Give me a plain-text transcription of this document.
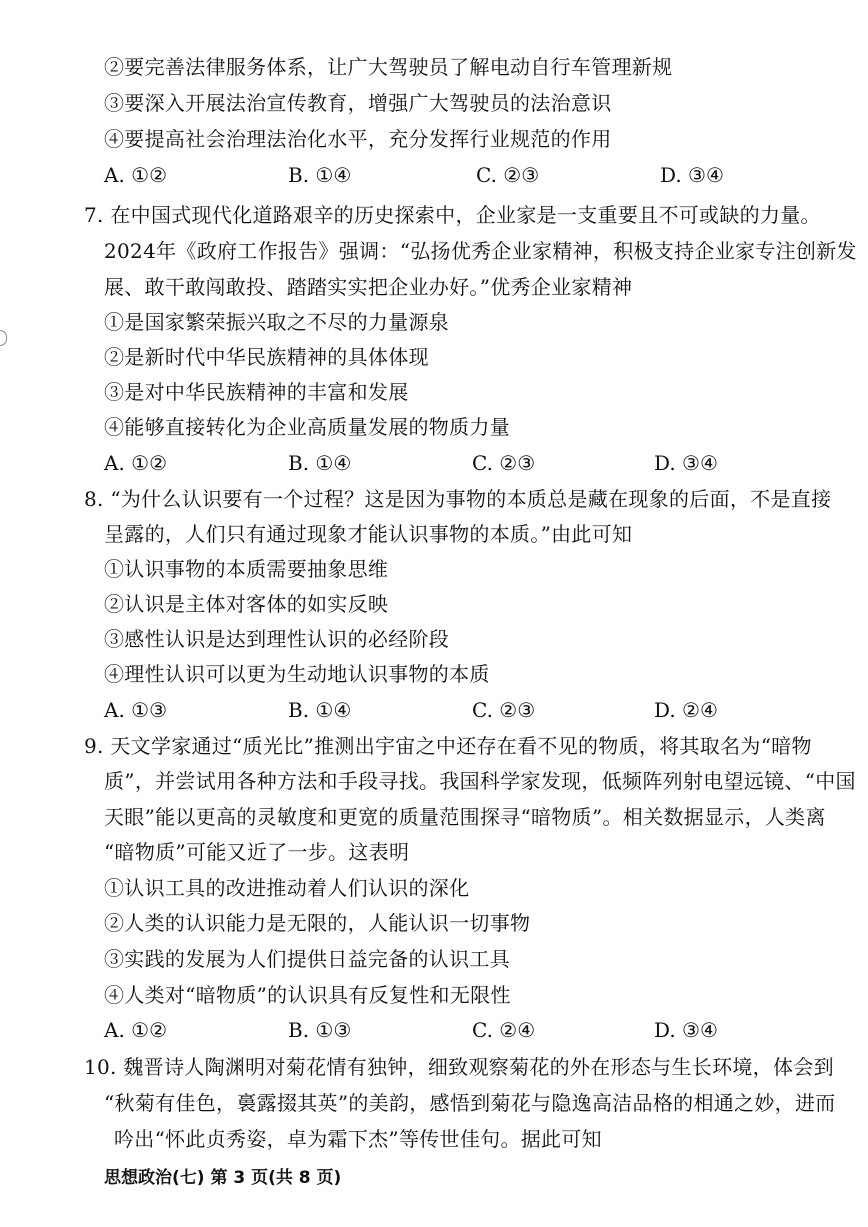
②要完善法律服务体系，让广大驾驶员了解电动自行车管理新规
③要深入开展法治宣传教育，增强广大驾驶员的法治意识
④要提高社会治理法治化水平，充分发挥行业规范的作用
A. ①②	B. ①④	C. ②③	D. ③④
7. 在中国式现代化道路艰辛的历史探索中，企业家是一支重要且不可或缺的力量。
2024年《政府工作报告》强调：“弘扬优秀企业家精神，积极支持企业家专注创新发
展、敢干敢闯敢投、踏踏实实把企业办好。”优秀企业家精神
①是国家繁荣振兴取之不尽的力量源泉
②是新时代中华民族精神的具体体现
③是对中华民族精神的丰富和发展
④能够直接转化为企业高质量发展的物质力量
A. ①②	B. ①④	C. ②③	D. ③④
8. “为什么认识要有一个过程？这是因为事物的本质总是藏在现象的后面，不是直接
呈露的，人们只有通过现象才能认识事物的本质。”由此可知
①认识事物的本质需要抽象思维
②认识是主体对客体的如实反映
③感性认识是达到理性认识的必经阶段
④理性认识可以更为生动地认识事物的本质
A. ①③	B. ①④	C. ②③	D. ②④
9. 天文学家通过“质光比”推测出宇宙之中还存在看不见的物质，将其取名为“暗物
质”，并尝试用各种方法和手段寻找。我国科学家发现，低频阵列射电望远镜、“中国
天眼”能以更高的灵敏度和更宽的质量范围探寻“暗物质”。相关数据显示，人类离
“暗物质”可能又近了一步。这表明
①认识工具的改进推动着人们认识的深化
②人类的认识能力是无限的，人能认识一切事物
③实践的发展为人们提供日益完备的认识工具
④人类对“暗物质”的认识具有反复性和无限性
A. ①②	B. ①③	C. ②④	D. ③④
10. 魏晋诗人陶渊明对菊花情有独钟，细致观察菊花的外在形态与生长环境，体会到
“秋菊有佳色，裛露掇其英”的美韵，感悟到菊花与隐逸高洁品格的相通之妙，进而
吟出“怀此贞秀姿，卓为霜下杰”等传世佳句。据此可知
思想政治(七) 第 3 页(共 8 页)
